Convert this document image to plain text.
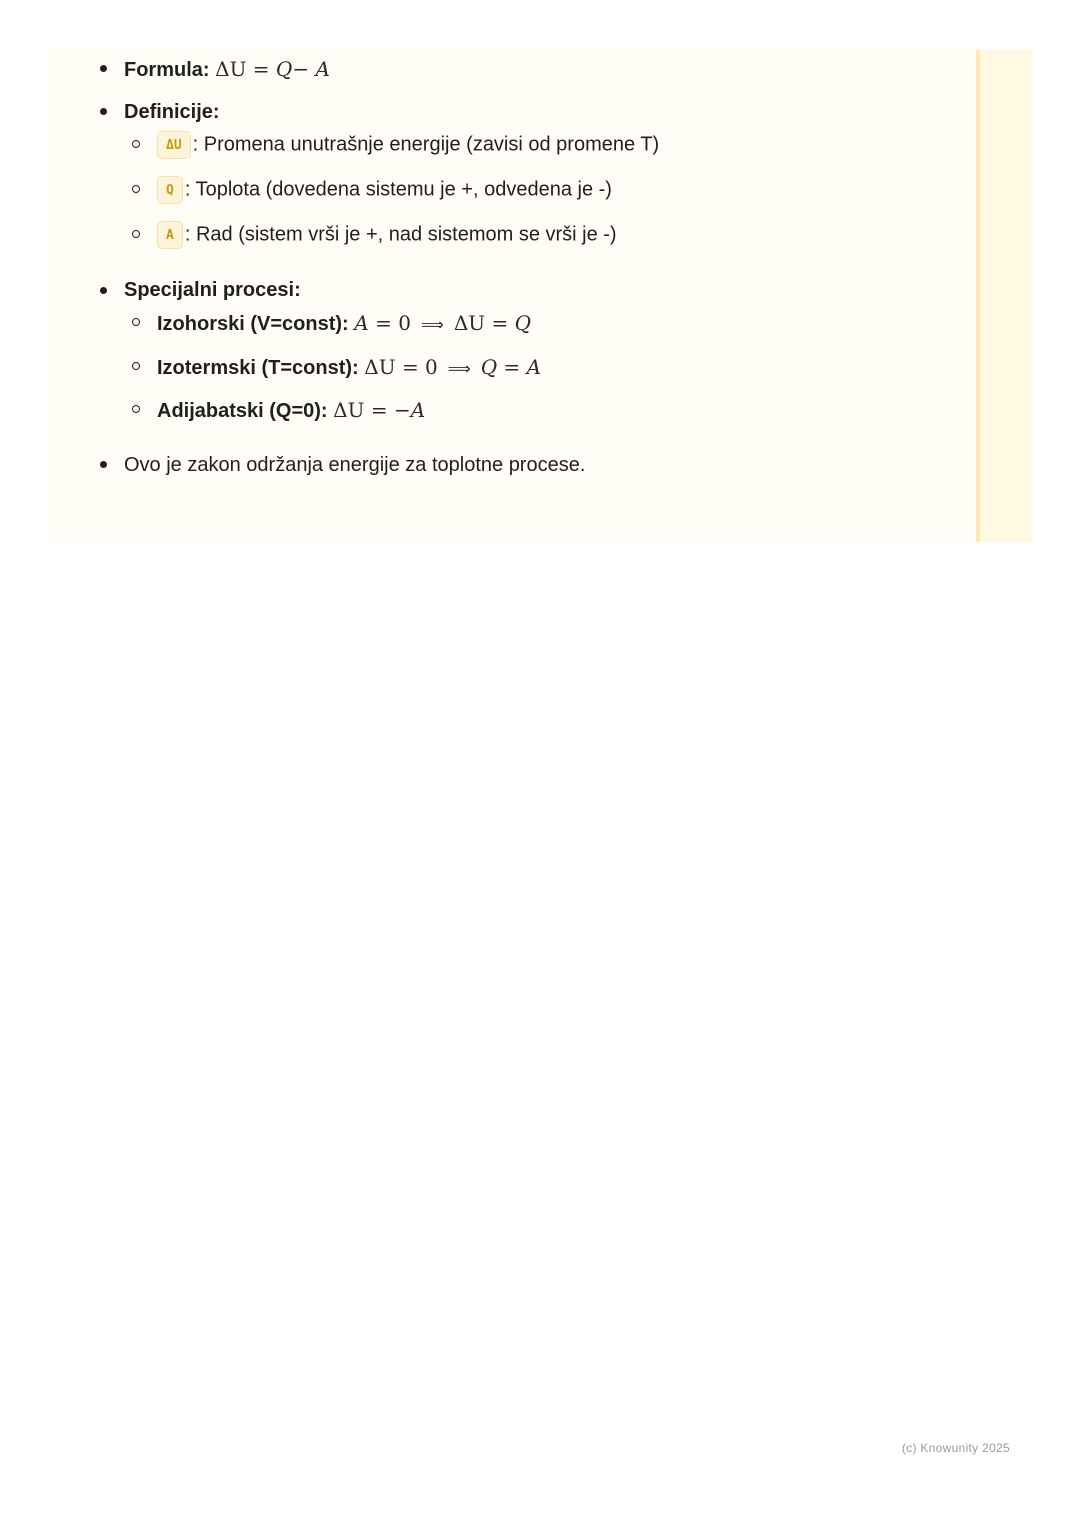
Formula: ΔU = Q− A
Definicije:
ΔU : Promena unutrašnje energije (zavisi od promene T)
Q : Toplota (dovedena sistemu je +, odvedena je -)
A : Rad (sistem vrši je +, nad sistemom se vrši je -)
Specijalni procesi:
Izohorski (V=const): A = 0 ⟹ ΔU = Q
Izotermski (T=const): ΔU = 0 ⟹ Q = A
Adijabatski (Q=0): ΔU = −A
Ovo je zakon održanja energije za toplotne procese.
(c) Knowunity 2025
